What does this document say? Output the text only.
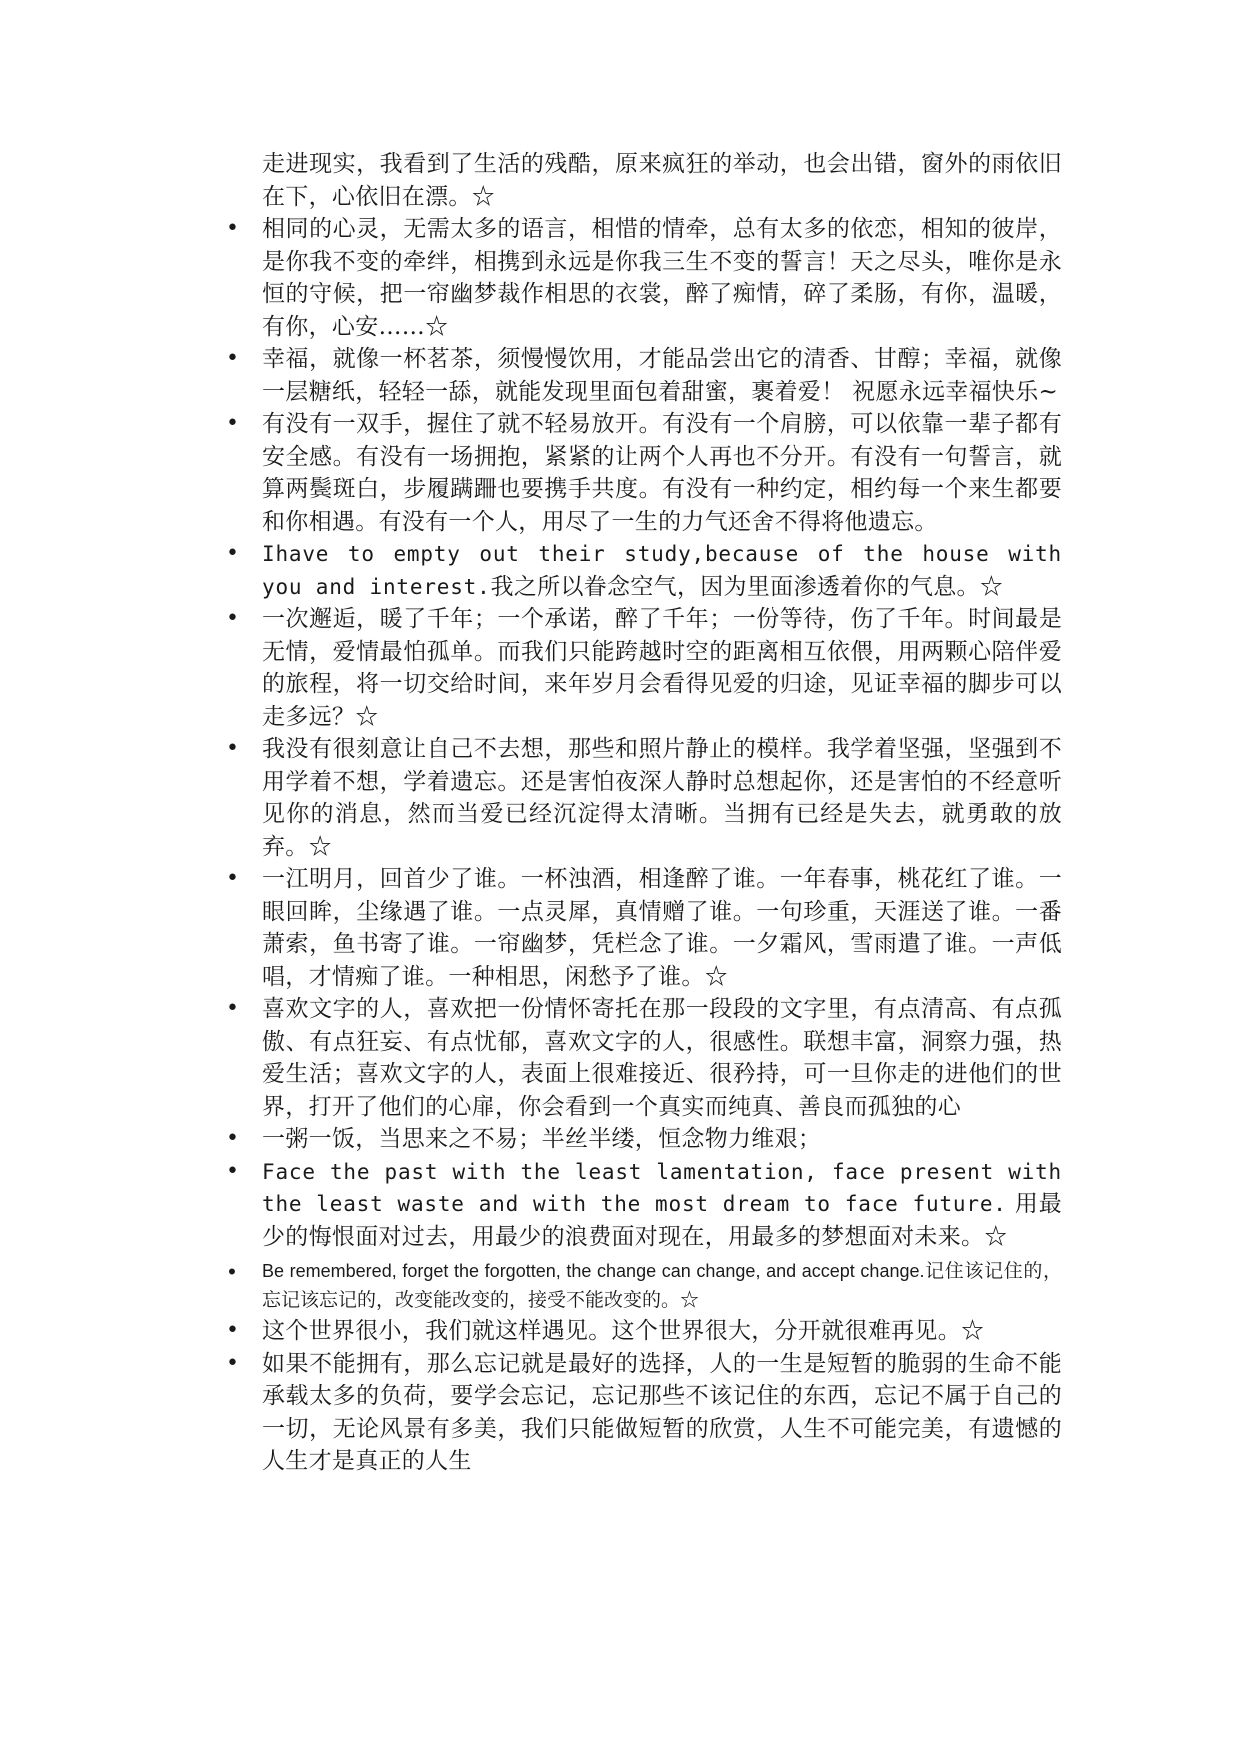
走进现实，我看到了生活的残酷，原来疯狂的举动，也会出错，窗外的雨依旧在下，心依旧在漂。☆

• 相同的心灵，无需太多的语言，相惜的情牵，总有太多的依恋，相知的彼岸，是你我不变的牵绊，相携到永远是你我三生不变的誓言！天之尽头，唯你是永恒的守候，把一帘幽梦裁作相思的衣裳，醉了痴情，碎了柔肠，有你，温暖，有你，心安……☆
• 幸福，就像一杯茗茶，须慢慢饮用，才能品尝出它的清香、甘醇；幸福，就像一层糖纸，轻轻一舔，就能发现里面包着甜蜜，裹着爱！ 祝愿永远幸福快乐~
• 有没有一双手，握住了就不轻易放开。有没有一个肩膀，可以依靠一辈子都有安全感。有没有一场拥抱，紧紧的让两个人再也不分开。有没有一句誓言，就算两鬓斑白，步履蹒跚也要携手共度。有没有一种约定，相约每一个来生都要和你相遇。有没有一个人，用尽了一生的力气还舍不得将他遗忘。
• Ihave to empty out their study,because of the house with you and interest.我之所以眷念空气，因为里面渗透着你的气息。☆
• 一次邂逅，暖了千年；一个承诺，醉了千年；一份等待，伤了千年。时间最是无情，爱情最怕孤单。而我们只能跨越时空的距离相互依偎，用两颗心陪伴爱的旅程，将一切交给时间，来年岁月会看得见爱的归途，见证幸福的脚步可以走多远？☆
• 我没有很刻意让自己不去想，那些和照片静止的模样。我学着坚强，坚强到不用学着不想，学着遗忘。还是害怕夜深人静时总想起你，还是害怕的不经意听见你的消息，然而当爱已经沉淀得太清晰。当拥有已经是失去，就勇敢的放弃。☆
• 一江明月，回首少了谁。一杯浊酒，相逢醉了谁。一年春事，桃花红了谁。一眼回眸，尘缘遇了谁。一点灵犀，真情赠了谁。一句珍重，天涯送了谁。一番萧索，鱼书寄了谁。一帘幽梦，凭栏念了谁。一夕霜风，雪雨遣了谁。一声低唱，才情痴了谁。一种相思，闲愁予了谁。☆
• 喜欢文字的人，喜欢把一份情怀寄托在那一段段的文字里，有点清高、有点孤傲、有点狂妄、有点忧郁，喜欢文字的人，很感性。联想丰富，洞察力强，热爱生活；喜欢文字的人，表面上很难接近、很矜持，可一旦你走的进他们的世界，打开了他们的心扉，你会看到一个真实而纯真、善良而孤独的心
• 一粥一饭，当思来之不易；半丝半缕，恒念物力维艰；
• Face the past with the least lamentation, face present with the least waste and with the most dream to face future. 用最少的悔恨面对过去，用最少的浪费面对现在，用最多的梦想面对未来。☆
• Be remembered, forget the forgotten, the change can change, and accept change.记住该记住的，忘记该忘记的，改变能改变的，接受不能改变的。☆
• 这个世界很小，我们就这样遇见。这个世界很大，分开就很难再见。☆
• 如果不能拥有，那么忘记就是最好的选择，人的一生是短暂的脆弱的生命不能承载太多的负荷，要学会忘记，忘记那些不该记住的东西，忘记不属于自己的一切，无论风景有多美，我们只能做短暂的欣赏，人生不可能完美，有遗憾的人生才是真正的人生
